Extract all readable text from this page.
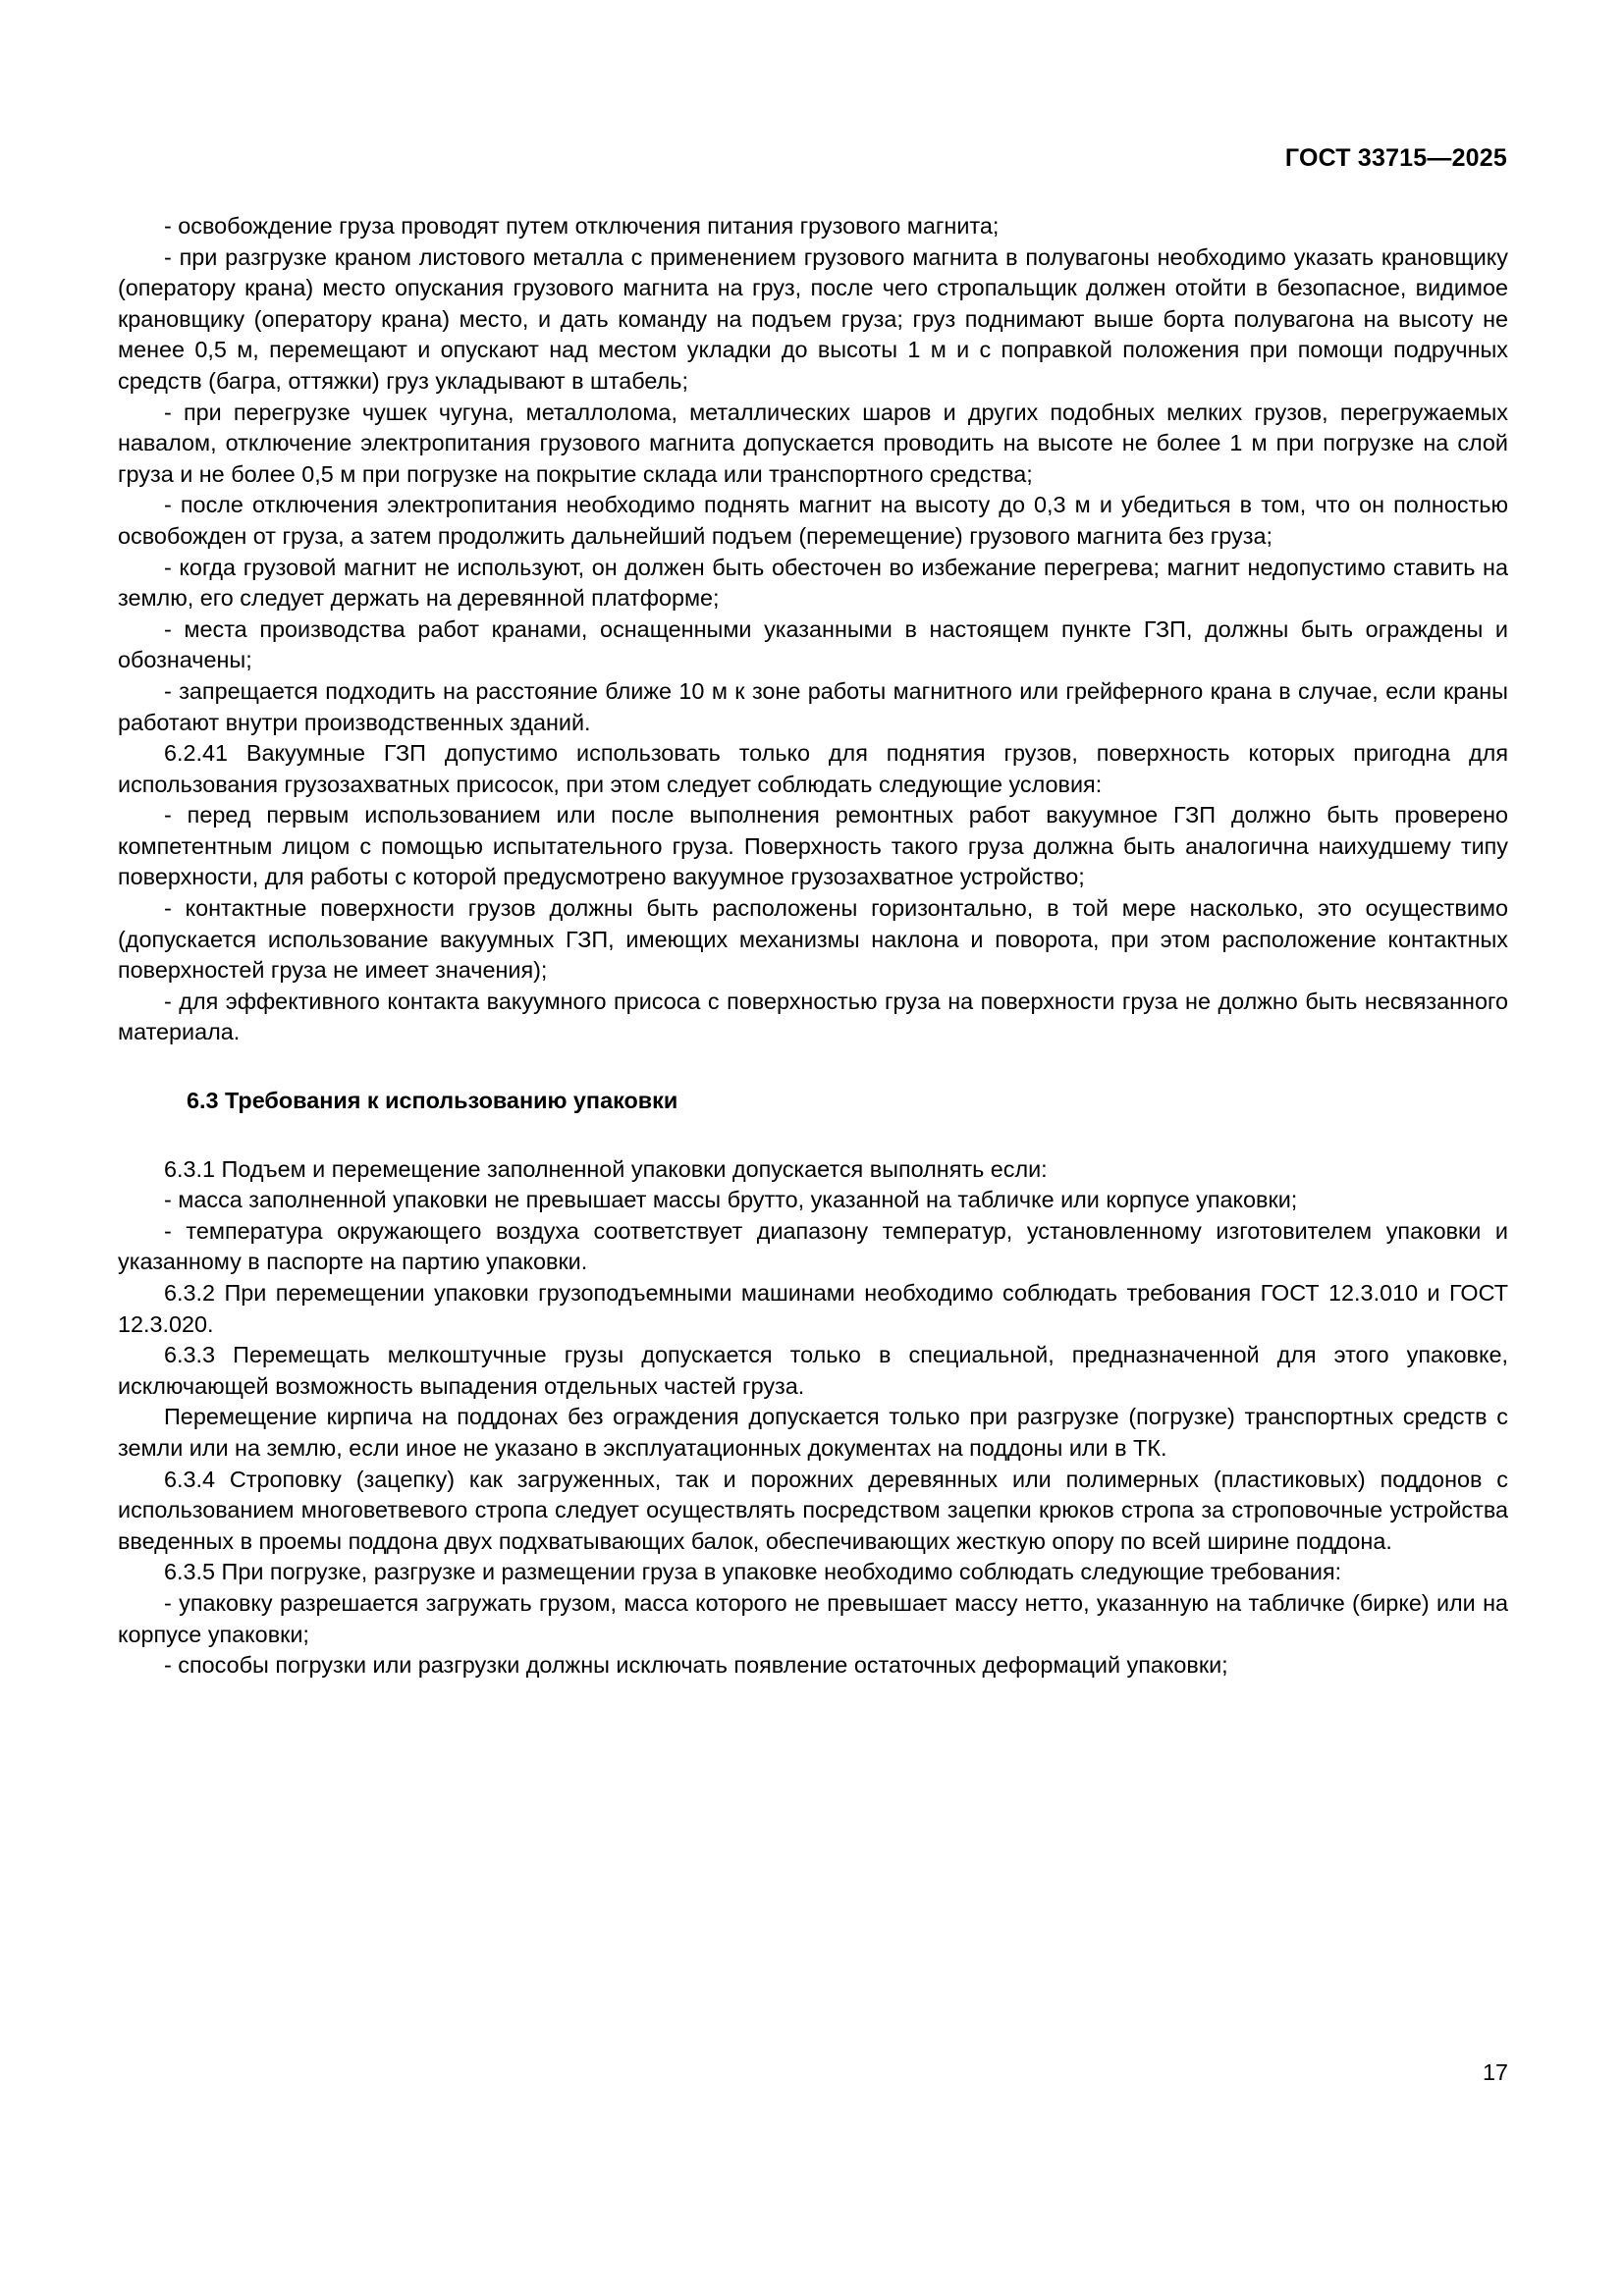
ГОСТ 33715—2025

- освобождение груза проводят путем отключения питания грузового магнита;

- при разгрузке краном листового металла с применением грузового магнита в полувагоны необходимо указать крановщику (оператору крана) место опускания грузового магнита на груз, после чего стропальщик должен отойти в безопасное, видимое крановщику (оператору крана) место, и дать команду на подъем груза; груз поднимают выше борта полувагона на высоту не менее 0,5 м, перемещают и опускают над местом укладки до высоты 1 м и с поправкой положения при помощи подручных средств (багра, оттяжки) груз укладывают в штабель;

- при перегрузке чушек чугуна, металлолома, металлических шаров и других подобных мелких грузов, перегружаемых навалом, отключение электропитания грузового магнита допускается проводить на высоте не более 1 м при погрузке на слой груза и не более 0,5 м при погрузке на покрытие склада или транспортного средства;

- после отключения электропитания необходимо поднять магнит на высоту до 0,3 м и убедиться в том, что он полностью освобожден от груза, а затем продолжить дальнейший подъем (перемещение) грузового магнита без груза;

- когда грузовой магнит не используют, он должен быть обесточен во избежание перегрева; магнит недопустимо ставить на землю, его следует держать на деревянной платформе;

- места производства работ кранами, оснащенными указанными в настоящем пункте ГЗП, должны быть ограждены и обозначены;

- запрещается подходить на расстояние ближе 10 м к зоне работы магнитного или грейферного крана в случае, если краны работают внутри производственных зданий.

6.2.41 Вакуумные ГЗП допустимо использовать только для поднятия грузов, поверхность которых пригодна для использования грузозахватных присосок, при этом следует соблюдать следующие условия:

- перед первым использованием или после выполнения ремонтных работ вакуумное ГЗП должно быть проверено компетентным лицом с помощью испытательного груза. Поверхность такого груза должна быть аналогична наихудшему типу поверхности, для работы с которой предусмотрено вакуумное грузозахватное устройство;

- контактные поверхности грузов должны быть расположены горизонтально, в той мере насколько, это осуществимо (допускается использование вакуумных ГЗП, имеющих механизмы наклона и поворота, при этом расположение контактных поверхностей груза не имеет значения);

- для эффективного контакта вакуумного присоса с поверхностью груза на поверхности груза не должно быть несвязанного материала.

6.3 Требования к использованию упаковки

6.3.1 Подъем и перемещение заполненной упаковки допускается выполнять если:

- масса заполненной упаковки не превышает массы брутто, указанной на табличке или корпусе упаковки;

- температура окружающего воздуха соответствует диапазону температур, установленному изготовителем упаковки и указанному в паспорте на партию упаковки.

6.3.2 При перемещении упаковки грузоподъемными машинами необходимо соблюдать требования ГОСТ 12.3.010 и ГОСТ 12.3.020.

6.3.3 Перемещать мелкоштучные грузы допускается только в специальной, предназначенной для этого упаковке, исключающей возможность выпадения отдельных частей груза.

Перемещение кирпича на поддонах без ограждения допускается только при разгрузке (погрузке) транспортных средств с земли или на землю, если иное не указано в эксплуатационных документах на поддоны или в ТК.

6.3.4 Строповку (зацепку) как загруженных, так и порожних деревянных или полимерных (пластиковых) поддонов с использованием многоветвевого стропа следует осуществлять посредством зацепки крюков стропа за строповочные устройства введенных в проемы поддона двух подхватывающих балок, обеспечивающих жесткую опору по всей ширине поддона.

6.3.5 При погрузке, разгрузке и размещении груза в упаковке необходимо соблюдать следующие требования:

- упаковку разрешается загружать грузом, масса которого не превышает массу нетто, указанную на табличке (бирке) или на корпусе упаковки;

- способы погрузки или разгрузки должны исключать появление остаточных деформаций упаковки;

17
